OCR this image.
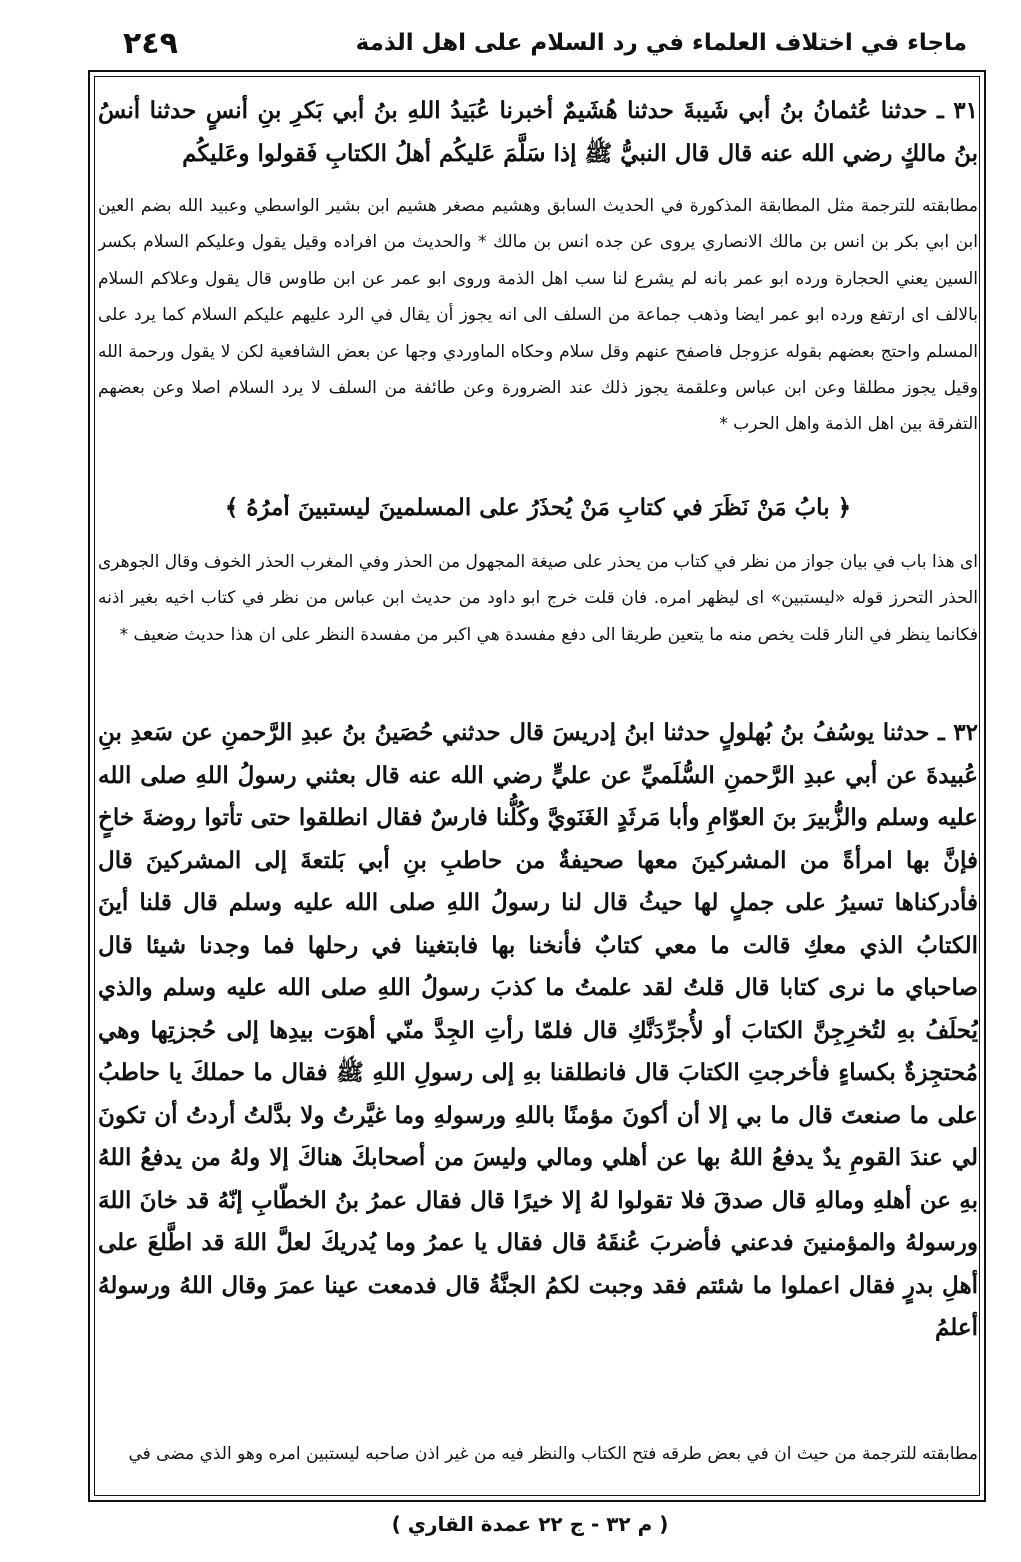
٢٤٩	ماجاء في اختلاف العلماء في رد السلام على اهل الذمة
٣١ ـ حدثنا عُثمانُ بنُ أبي شَيبةَ حدثنا هُشَيمٌ أخبرنا عُبَيدُ اللهِ بنُ أبي بَكرِ بنِ أنسٍ حدثنا أنسُ بنُ مالكٍ رضي الله عنه قال قال النبيُّ ﷺ إذا سَلَّمَ عَليكُم أهلُ الكتابِ فَقولوا وعَليكُم
مطابقته للترجمة مثل المطابقة المذكورة في الحديث السابق وهشيم مصغر هشيم ابن بشير الواسطي وعبيد الله بضم العين ابن ابي بكر بن انس بن مالك الانصاري يروى عن جده انس بن مالك * والحديث من افراده وقيل يقول وعليكم السلام بكسر السين يعني الحجارة ورده ابو عمر بانه لم يشرع لنا سب اهل الذمة وروى ابو عمر عن ابن طاوس قال يقول وعلاكم السلام بالالف اى ارتفع ورده ابو عمر ايضا وذهب جماعة من السلف الى انه يجوز أن يقال في الرد عليهم عليكم السلام كما يرد على المسلم واحتج بعضهم بقوله عزوجل فاصفح عنهم وقل سلام وحكاه الماوردي وجها عن بعض الشافعية لكن لا يقول ورحمة الله وقيل يجوز مطلقا وعن ابن عباس وعلقمة يجوز ذلك عند الضرورة وعن طائفة من السلف لا يرد السلام اصلا وعن بعضهم التفرقة بين اهل الذمة واهل الحرب *
﴿ بابُ مَنْ نَظَرَ في كتابِ مَنْ يُحذَرُ على المسلمينَ ليستبينَ أمرُهُ ﴾
اى هذا باب في بيان جواز من نظر في كتاب من يحذر على صيغة المجهول من الحذر وفي المغرب الحذر الخوف وقال الجوهرى الحذر التحرز قوله «ليستبين» اى ليظهر امره. فان قلت خرج ابو داود من حديث ابن عباس من نظر في كتاب اخيه بغير اذنه فكانما ينظر في النار قلت يخص منه ما يتعين طريقا الى دفع مفسدة هي اكبر من مفسدة النظر على ان هذا حديث ضعيف *
٣٢ ـ حدثنا يوسُفُ بنُ بُهلولٍ حدثنا ابنُ إدريسَ قال حدثني حُصَينُ بنُ عبدِ الرَّحمنِ عن سَعدِ بنِ عُبيدةَ عن أبي عبدِ الرَّحمنِ السُّلَميِّ عن عليٍّ رضي الله عنه قال بعثني رسولُ اللهِ صلى الله عليه وسلم والزُّبيرَ بنَ العوّامِ وأبا مَرثَدٍ الغَنَويَّ وكُلُّنا فارسٌ فقال انطلقوا حتى تأتوا روضةَ خاخٍ فإنَّ بها امرأةً من المشركينَ معها صحيفةٌ من حاطبِ بنِ أبي بَلتعةَ إلى المشركينَ قال فأدركناها تسيرُ على جملٍ لها حيثُ قال لنا رسولُ اللهِ صلى الله عليه وسلم قال قلنا أينَ الكتابُ الذي معكِ قالت ما معي كتابٌ فأنخنا بها فابتغينا في رحلها فما وجدنا شيئا قال صاحباي ما نرى كتابا قال قلتُ لقد علمتُ ما كذبَ رسولُ اللهِ صلى الله عليه وسلم والذي يُحلَفُ بهِ لتُخرِجِنَّ الكتابَ أو لأُجرِّدَنَّكِ قال فلمّا رأتِ الجِدَّ منّي أهوَت بيدِها إلى حُجزتِها وهي مُحتجِزةٌ بكساءٍ فأخرجتِ الكتابَ قال فانطلقنا بهِ إلى رسولِ اللهِ ﷺ فقال ما حملكَ يا حاطبُ على ما صنعتَ قال ما بي إلا أن أكونَ مؤمنًا باللهِ ورسولهِ وما غيَّرتُ ولا بدَّلتُ أردتُ أن تكونَ لي عندَ القومِ يدٌ يدفعُ اللهُ بها عن أهلي ومالي وليسَ من أصحابكَ هناكَ إلا ولهُ من يدفعُ اللهُ بهِ عن أهلهِ ومالهِ قال صدقَ فلا تقولوا لهُ إلا خيرًا قال فقال عمرُ بنُ الخطّابِ إنّهُ قد خانَ اللهَ ورسولهُ والمؤمنينَ فدعني فأضربَ عُنقَهُ قال فقال يا عمرُ وما يُدريكَ لعلَّ اللهَ قد اطَّلعَ على أهلِ بدرٍ فقال اعملوا ما شئتم فقد وجبت لكمُ الجنَّةُ قال فدمعت عينا عمرَ وقال اللهُ ورسولهُ أعلمُ
مطابقته للترجمة من حيث ان في بعض طرقه فتح الكتاب والنظر فيه من غير اذن صاحبه ليستبين امره وهو الذي مضى في
( م ٣٢ - ج ٢٢ عمدة القاري )
